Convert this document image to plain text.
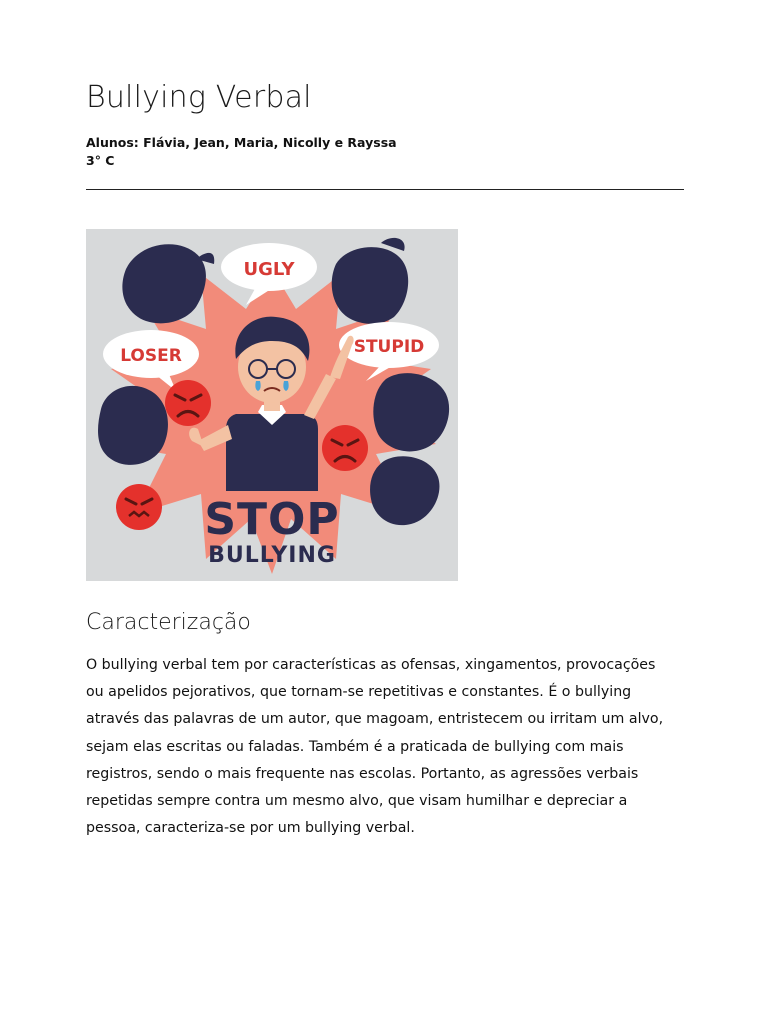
Bullying Verbal
Alunos: Flávia, Jean, Maria, Nicolly e Rayssa
3° C
UGLY
LOSER	STUPID
STOP
BULLYING
Caracterização

O bullying verbal tem por características as ofensas, xingamentos, provocações ou apelidos pejorativos, que tornam-se repetitivas e constantes. É o bullying através das palavras de um autor, que magoam, entristecem ou irritam um alvo, sejam elas escritas ou faladas. Também é a praticada de bullying com mais registros, sendo o mais frequente nas escolas. Portanto, as agressões verbais repetidas sempre contra um mesmo alvo, que visam humilhar e depreciar a pessoa, caracteriza-se por um bullying verbal.
